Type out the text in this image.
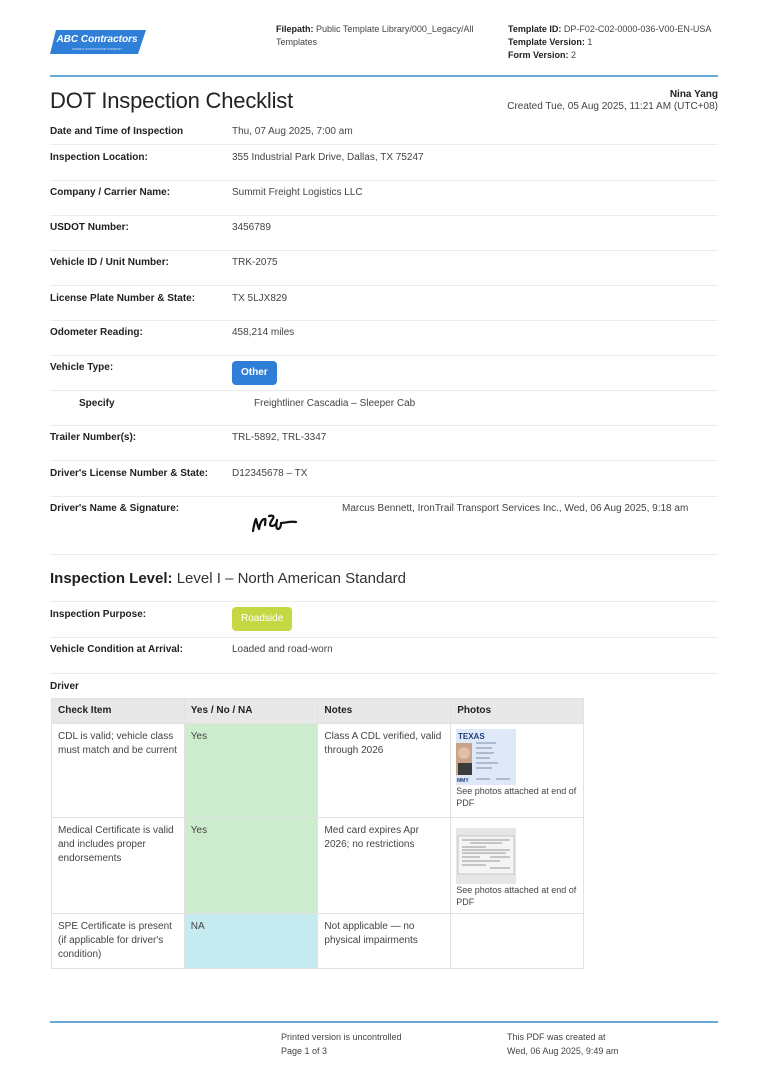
ABC Contractors
SAMPLE CONTRACTOR COMPANY
Filepath: Public Template Library/000_Legacy/All Templates
Template ID: DP-F02-C02-0000-036-V00-EN-USA
Template Version: 1
Form Version: 2
DOT Inspection Checklist	Nina Yang
Created Tue, 05 Aug 2025, 11:21 AM (UTC+08)
Date and Time of Inspection	Thu, 07 Aug 2025, 7:00 am
Inspection Location:	355 Industrial Park Drive, Dallas, TX 75247
Company / Carrier Name:	Summit Freight Logistics LLC
USDOT Number:	3456789
Vehicle ID / Unit Number:	TRK-2075
License Plate Number & State:	TX 5LJX829
Odometer Reading:	458,214 miles
Vehicle Type:	Other
Specify	Freightliner Cascadia – Sleeper Cab
Trailer Number(s):	TRL-5892, TRL-3347
Driver's License Number & State: D12345678 – TX
Driver's Name & Signature:	Marcus Bennett, IronTrail Transport Services Inc., Wed, 06 Aug 2025, 9:18 am
Inspection Level: Level I – North American Standard
Inspection Purpose:	Roadside
Vehicle Condition at Arrival:	Loaded and road-worn
Driver
Check Item	Yes / No / NA	Notes	Photos
CDL is valid; vehicle class must match and be current	Yes	Class A CDL verified, valid through 2026	TEXAS
MMY
See photos attached at end of PDF

Medical Certificate is valid and includes proper endorsements	Yes	Med card expires Apr 2026; no restrictions	See photos attached at end of PDF

SPE Certificate is present (if applicable for driver's condition)	NA	Not applicable — no physical impairments	
Printed version is uncontrolled
Page 1 of 3
This PDF was created at
Wed, 06 Aug 2025, 9:49 am
